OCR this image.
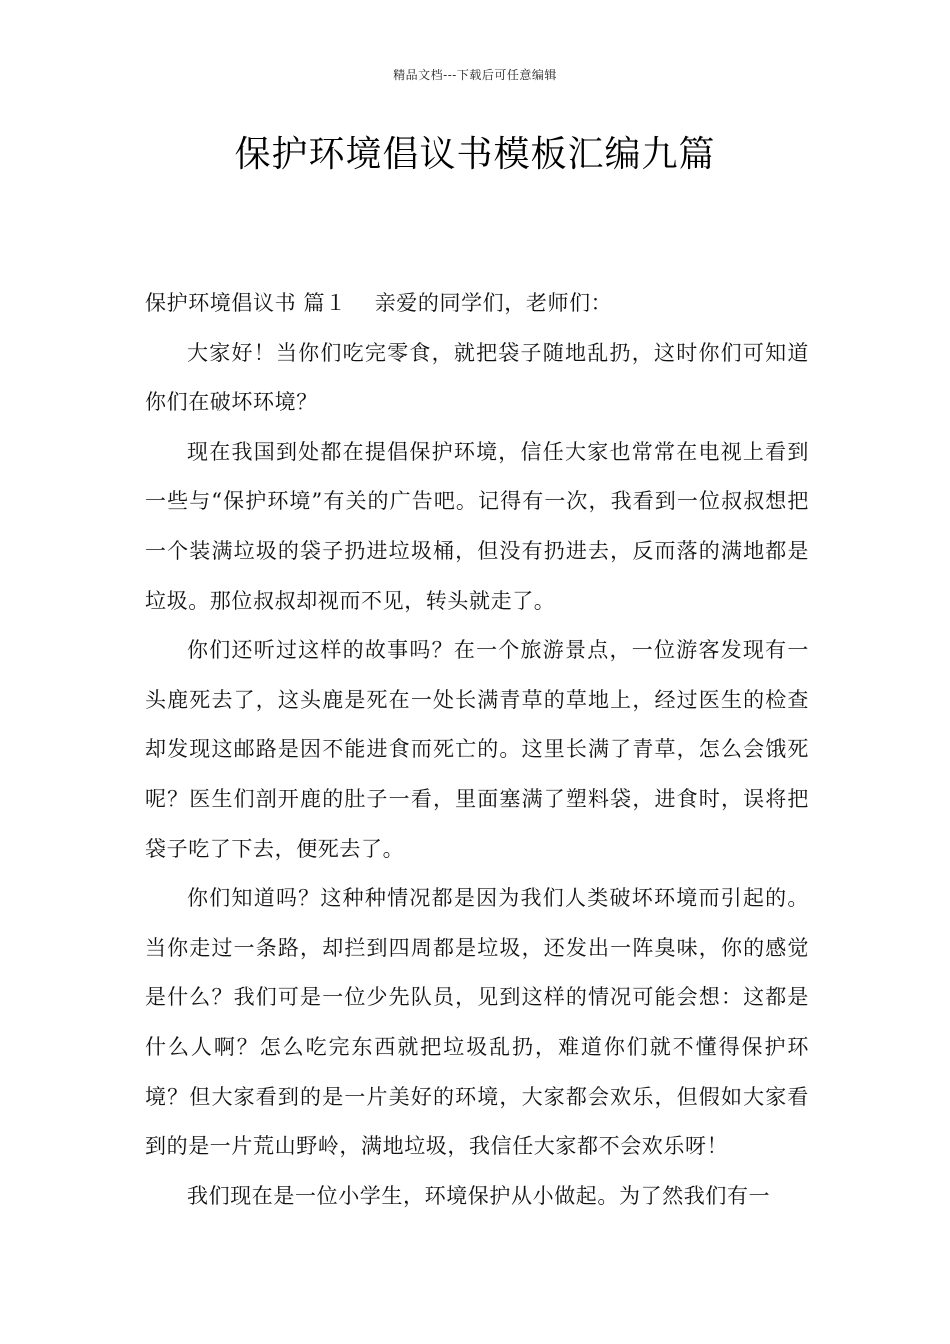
精品文档---下载后可任意编辑
保护环境倡议书模板汇编九篇

保护环境倡议书 篇１ 亲爱的同学们，老师们：

大家好！当你们吃完零食，就把袋子随地乱扔，这时你们可知道你们在破坏环境？

现在我国到处都在提倡保护环境，信任大家也常常在电视上看到一些与“保护环境”有关的广告吧。记得有一次，我看到一位叔叔想把一个装满垃圾的袋子扔进垃圾桶，但没有扔进去，反而落的满地都是垃圾。那位叔叔却视而不见，转头就走了。

你们还听过这样的故事吗？在一个旅游景点，一位游客发现有一头鹿死去了，这头鹿是死在一处长满青草的草地上，经过医生的检查却发现这邮路是因不能进食而死亡的。这里长满了青草，怎么会饿死呢？医生们剖开鹿的肚子一看，里面塞满了塑料袋，进食时，误将把袋子吃了下去，便死去了。

你们知道吗？这种种情况都是因为我们人类破坏环境而引起的。当你走过一条路，却拦到四周都是垃圾，还发出一阵臭味，你的感觉是什么？我们可是一位少先队员，见到这样的情况可能会想：这都是什么人啊？怎么吃完东西就把垃圾乱扔，难道你们就不懂得保护环境？但大家看到的是一片美好的环境，大家都会欢乐，但假如大家看到的是一片荒山野岭，满地垃圾，我信任大家都不会欢乐呀！

我们现在是一位小学生，环境保护从小做起。为了然我们有一
